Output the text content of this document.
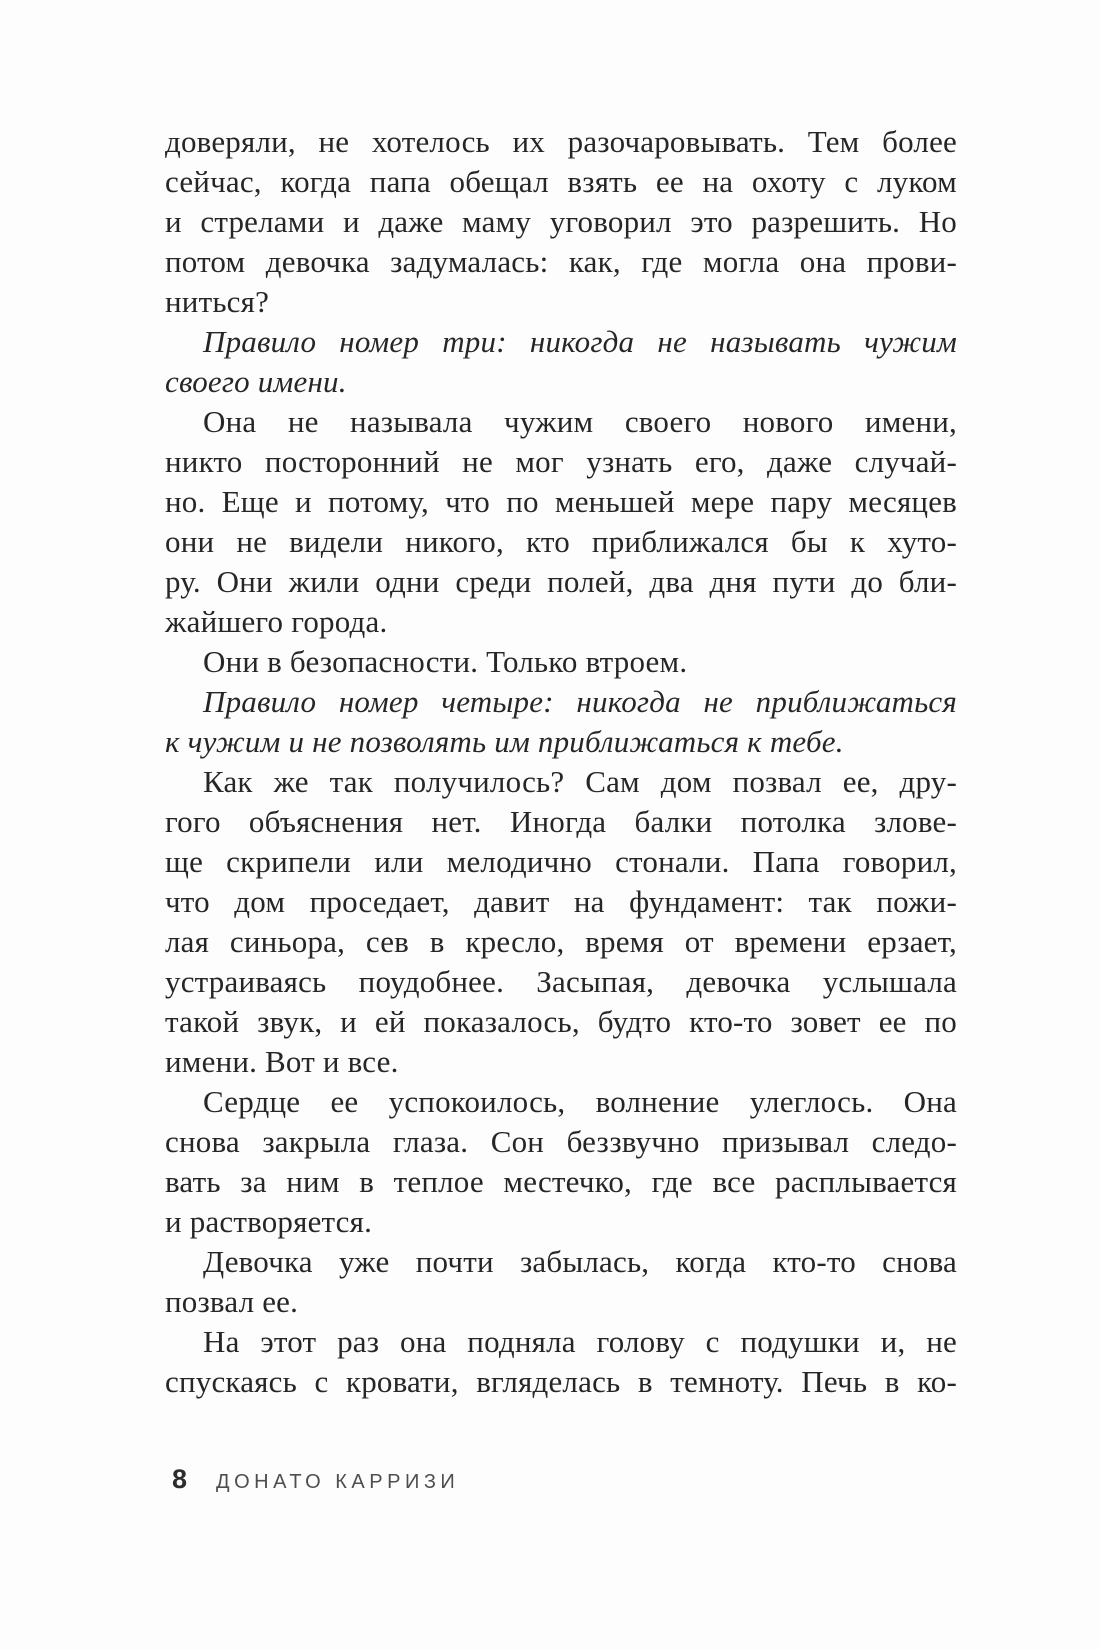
доверяли, не хотелось их разочаровывать. Тем более
сейчас, когда папа обещал взять ее на охоту с луком
и стрелами и даже маму уговорил это разрешить. Но
потом девочка задумалась: как, где могла она прови-
ниться?
Правило номер три: никогда не называть чужим
своего имени.
Она не называла чужим своего нового имени,
никто посторонний не мог узнать его, даже случай-
но. Еще и потому, что по меньшей мере пару месяцев
они не видели никого, кто приближался бы к хуто-
ру. Они жили одни среди полей, два дня пути до бли-
жайшего города.
Они в безопасности. Только втроем.
Правило номер четыре: никогда не приближаться
к чужим и не позволять им приближаться к тебе.
Как же так получилось? Сам дом позвал ее, дру-
гого объяснения нет. Иногда балки потолка злове-
ще скрипели или мелодично стонали. Папа говорил,
что дом проседает, давит на фундамент: так пожи-
лая синьора, сев в кресло, время от времени ерзает,
устраиваясь поудобнее. Засыпая, девочка услышала
такой звук, и ей показалось, будто кто-то зовет ее по
имени. Вот и все.
Сердце ее успокоилось, волнение улеглось. Она
снова закрыла глаза. Сон беззвучно призывал следо-
вать за ним в теплое местечко, где все расплывается
и растворяется.
Девочка уже почти забылась, когда кто-то снова
позвал ее.
На этот раз она подняла голову с подушки и, не
спускаясь с кровати, вгляделась в темноту. Печь в ко-
8 ДОНАТО КАРРИЗИ
